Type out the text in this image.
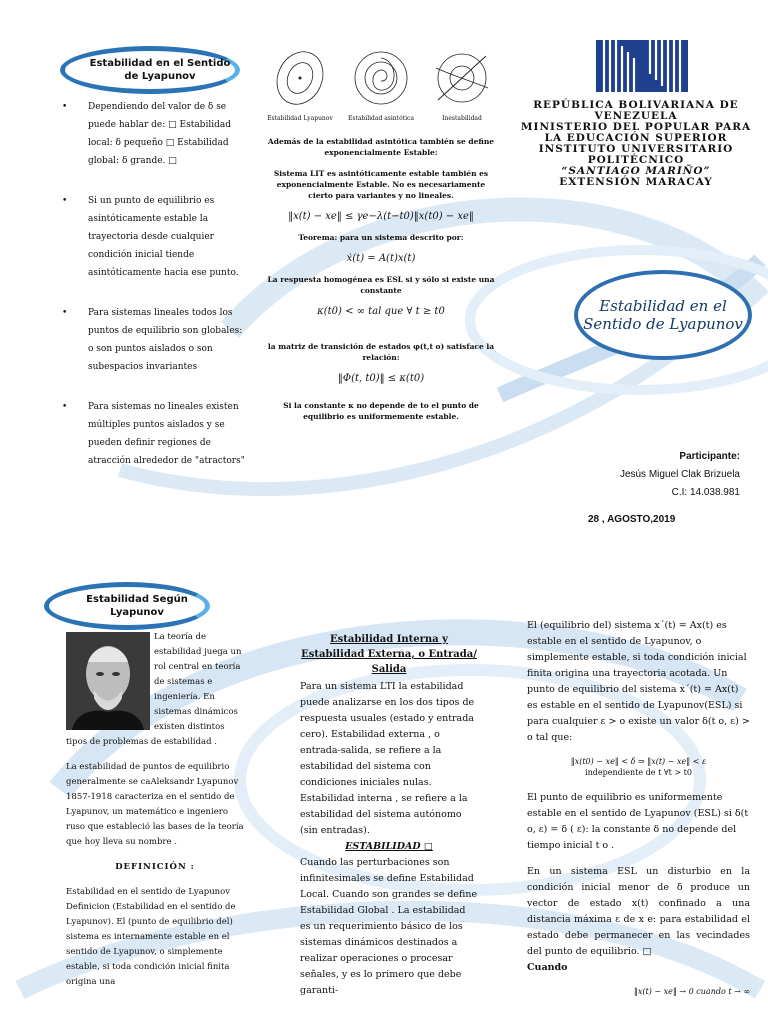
Estabilidad en el Sentido de Lyapunov
• Dependiendo del valor de δ se puede hablar de: □ Estabilidad local: δ pequeño □ Estabilidad global: δ grande. □
• Si un punto de equilibrio es asintóticamente estable la trayectoria desde cualquier condición inicial tiende asintóticamente hacia ese punto.
• Para sistemas lineales todos los puntos de equilibrio son globales: o son puntos aislados o son subespacios invariantes
• Para sistemas no lineales existen múltiples puntos aislados y se pueden definir regiones de atracción alrededor de "atractors"
Estabilidad Lyapunov	Estabilidad asintótica	Inestabilidad

Además de la estabilidad asintótica también se define exponencialmente Estable:

Sistema LIT es asintóticamente estable también es exponencialmente Estable. No es necesariamente cierto para variantes y no lineales.

‖x(t) − xe‖ ≤ γe−λ(t−t0)‖x(t0) − xe‖

Teorema: para un sistema descrito por:

ẋ(t) = A(t)x(t)

La respuesta homogénea es ESL si y sólo si existe una constante

κ(t0) < ∞ tal que ∀ t ≥ t0

la matriz de transición de estados φ(t,t o) satisface la relación:

‖Φ(t, t0)‖ ≤ κ(t0)

Si la constante κ no depende de to el punto de equilibrio es uniformemente estable.

REPÚBLICA BOLIVARIANA DE VENEZUELA
MINISTERIO DEL POPULAR PARA LA EDUCACIÓN SUPERIOR
INSTITUTO UNIVERSITARIO POLITÉCNICO
“SANTIAGO MARIÑO”
EXTENSIÓN MARACAY
Estabilidad en el Sentido de Lyapunov
Participante:
Jesús Miguel Clak Brizuela
C.I: 14.038.981
28 , AGOSTO,2019
Estabilidad Según Lyapunov

La teoría de estabilidad juega un rol central en teoría de sistemas e ingeniería. En sistemas dinámicos existen distintos tipos de problemas de estabilidad .

La estabilidad de puntos de equilibrio generalmente se caAleksandr Lyapunov 1857-1918 caracteriza en el sentido de Lyapunov, un matemático e ingeniero ruso que estableció las bases de la teoría que hoy lleva su nombre .

DEFINICIÓN :

Estabilidad en el sentido de Lyapunov Definicion (Estabilidad en el sentido de Lyapunov). El (punto de equilibrio del) sistema es internamente estable en el sentido de Lyapunov, o simplemente estable, si toda condición inicial finita origina una

Estabilidad Interna y Estabilidad Externa, o Entrada/ Salida

Para un sistema LTI la estabilidad puede analizarse en los dos tipos de respuesta usuales (estado y entrada cero). Estabilidad externa , o entrada-salida, se refiere a la estabilidad del sistema con condiciones iniciales nulas. Estabilidad interna , se refiere a la estabilidad del sistema autónomo (sin entradas).

ESTABILIDAD □

Cuando las perturbaciones son infinitesimales se define Estabilidad Local. Cuando son grandes se define Estabilidad Global . La estabilidad es un requerimiento básico de los sistemas dinámicos destinados a realizar operaciones o procesar señales, y es lo primero que debe garanti-

El (equilibrio del) sistema x´(t) = Ax(t) es estable en el sentido de Lyapunov, o simplemente estable, si toda condición inicial finita origina una trayectoria acotada. Un punto de equilibrio del sistema x´(t) = Ax(t) es estable en el sentido de Lyapunov(ESL) si para cualquier ε > o existe un valor δ(t o, ε) > o tal que:

‖x(t0) − xe‖ < δ ⇒ ‖x(t) − xe‖ < ε
independiente de t ∀t > t0

El punto de equilibrio es uniformemente estable en el sentido de Lyapunov (ESL) si δ(t o, ε) = δ ( ε): la constante δ no depende del tiempo inicial t o .

En un sistema ESL un disturbio en la condición inicial menor de δ produce un vector de estado x(t) confinado a una distancia máxima ε de x e: para estabilidad el estado debe permanecer en las vecindades del punto de equilibrio. □

Cuando

‖x(t) − xe‖ → 0 cuando t → ∞
